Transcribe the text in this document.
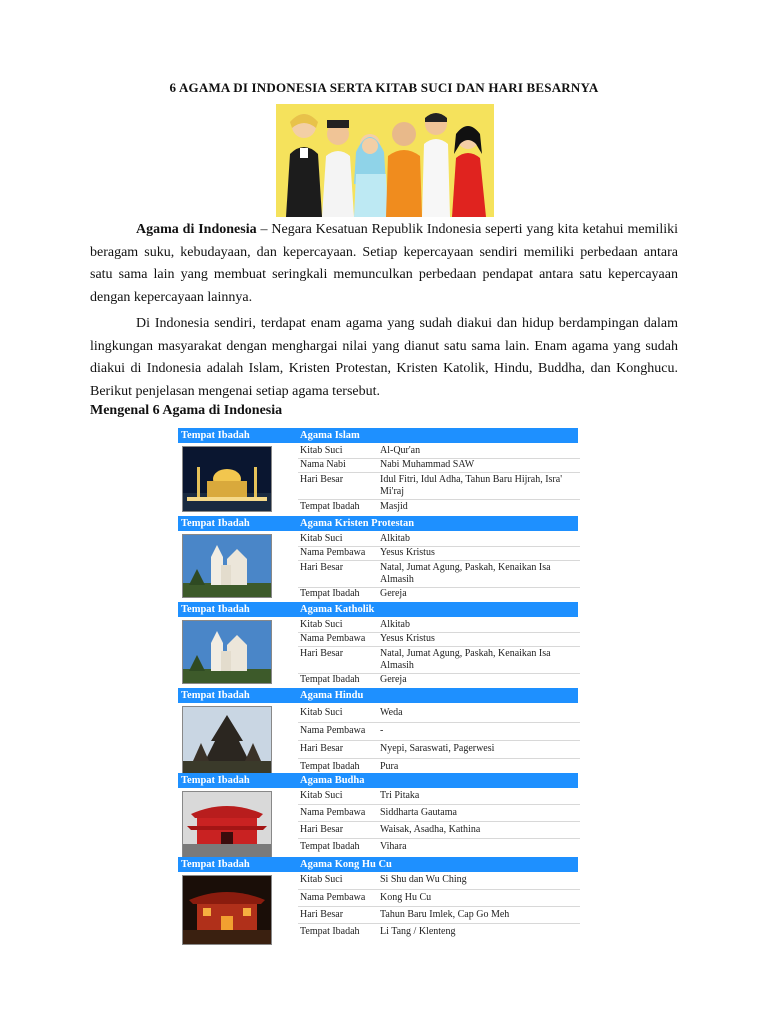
6 AGAMA DI INDONESIA SERTA KITAB SUCI DAN HARI BESARNYA

Agama di Indonesia – Negara Kesatuan Republik Indonesia seperti yang kita ketahui memiliki beragam suku, kebudayaan, dan kepercayaan. Setiap kepercayaan sendiri memiliki perbedaan antara satu sama lain yang membuat seringkali memunculkan perbedaan pendapat antara satu kepercayaan dengan kepercayaan lainnya.

Di Indonesia sendiri, terdapat enam agama yang sudah diakui dan hidup berdampingan dalam lingkungan masyarakat dengan menghargai nilai yang dianut satu sama lain. Enam agama yang sudah diakui di Indonesia adalah Islam, Kristen Protestan, Kristen Katolik, Hindu, Buddha, dan Konghucu. Berikut penjelasan mengenai setiap agama tersebut.

Mengenal 6 Agama di Indonesia
Tempat Ibadah	Agama Islam
Kitab Suci	Al-Qur'an
Nama Nabi	Nabi Muhammad SAW
Hari Besar	Idul Fitri, Idul Adha, Tahun Baru Hijrah, Isra' Mi'raj
Tempat Ibadah	Masjid
Tempat Ibadah	Agama Kristen Protestan
Kitab Suci	Alkitab
Nama Pembawa	Yesus Kristus
Hari Besar	Natal, Jumat Agung, Paskah, Kenaikan Isa Almasih
Tempat Ibadah	Gereja
Tempat Ibadah	Agama Katholik
Kitab Suci	Alkitab
Nama Pembawa	Yesus Kristus
Hari Besar	Natal, Jumat Agung, Paskah, Kenaikan Isa Almasih
Tempat Ibadah	Gereja
Tempat Ibadah	Agama Hindu
Kitab Suci	Weda
Nama Pembawa	-
Hari Besar	Nyepi, Saraswati, Pagerwesi
Tempat Ibadah	Pura
Tempat Ibadah	Agama Budha
Kitab Suci	Tri Pitaka
Nama Pembawa	Siddharta Gautama
Hari Besar	Waisak, Asadha, Kathina
Tempat Ibadah	Vihara
Tempat Ibadah	Agama Kong Hu Cu
Kitab Suci	Si Shu dan Wu Ching
Nama Pembawa	Kong Hu Cu
Hari Besar	Tahun Baru Imlek, Cap Go Meh
Tempat Ibadah	Li Tang / Klenteng
